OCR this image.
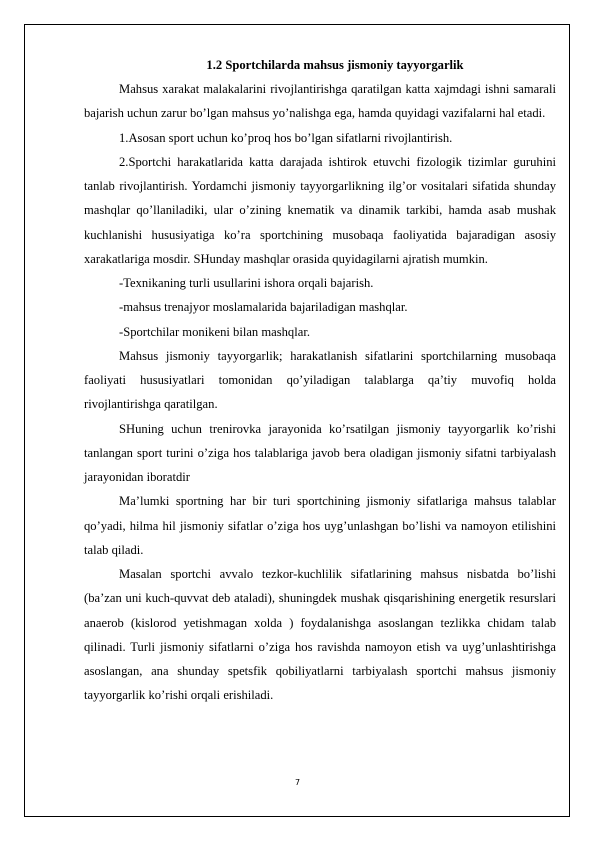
1.2 Sportchilarda mahsus jismoniy tayyorgarlik

Mahsus xarakat malakalarini rivojlantirishga qaratilgan katta xajmdagi ishni samarali bajarish uchun zarur bo’lgan mahsus yo’nalishga ega, hamda quyidagi vazifalarni hal etadi.

1.Asosan sport uchun ko’proq hos bo’lgan sifatlarni rivojlantirish.

2.Sportchi harakatlarida katta darajada ishtirok etuvchi fizologik tizimlar guruhini tanlab rivojlantirish. Yordamchi jismoniy tayyorgarlikning ilg’or vositalari sifatida shunday mashqlar qo’llaniladiki, ular o’zining knematik va dinamik tarkibi, hamda asab mushak kuchlanishi hususiyatiga ko’ra sportchining musobaqa faoliyatida bajaradigan asosiy xarakatlariga mosdir. SHunday mashqlar orasida quyidagilarni ajratish mumkin.

-Texnikaning turli usullarini ishora orqali bajarish.

-mahsus trenajyor moslamalarida bajariladigan mashqlar.

-Sportchilar monikeni bilan mashqlar.

Mahsus jismoniy tayyorgarlik; harakatlanish sifatlarini sportchilarning musobaqa faoliyati hususiyatlari tomonidan qo’yiladigan talablarga qa’tiy muvofiq holda rivojlantirishga qaratilgan.

SHuning uchun trenirovka jarayonida ko’rsatilgan jismoniy tayyorgarlik ko’rishi tanlangan sport turini o’ziga hos talablariga javob bera oladigan jismoniy sifatni tarbiyalash jarayonidan iboratdir

Ma’lumki sportning har bir turi sportchining jismoniy sifatlariga mahsus talablar qo’yadi, hilma hil jismoniy sifatlar o’ziga hos uyg’unlashgan bo’lishi va namoyon etilishini talab qiladi.

Masalan sportchi avvalo tezkor-kuchlilik sifatlarining mahsus nisbatda bo’lishi (ba’zan uni kuch-quvvat deb ataladi), shuningdek mushak qisqarishining energetik resurslari anaerob (kislorod yetishmagan xolda ) foydalanishga asoslangan tezlikka chidam talab qilinadi. Turli jismoniy sifatlarni o’ziga hos ravishda namoyon etish va uyg’unlashtirishga asoslangan, ana shunday spetsfik qobiliyatlarni tarbiyalash sportchi mahsus jismoniy tayyorgarlik ko’rishi orqali erishiladi.

7
